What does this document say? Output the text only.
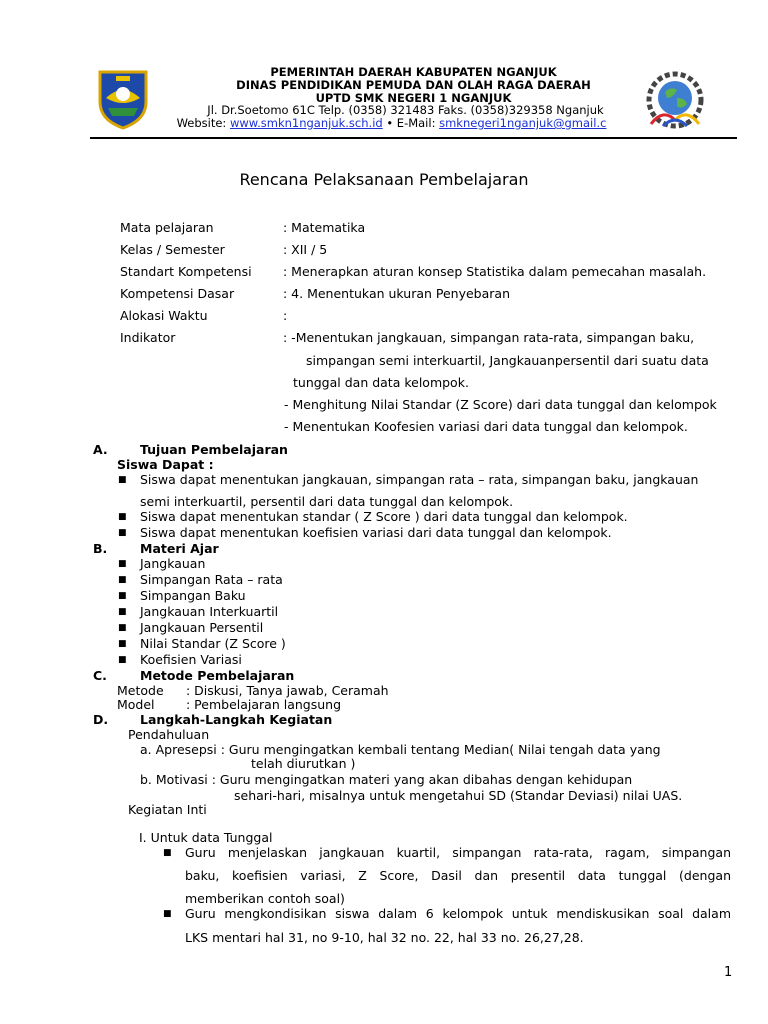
PEMERINTAH DAERAH KABUPATEN NGANJUK
DINAS PENDIDIKAN PEMUDA DAN OLAH RAGA DAERAH
UPTD SMK NEGERI 1 NGANJUK
Jl. Dr.Soetomo 61C Telp. (0358) 321483 Faks. (0358)329358 Nganjuk
Website: www.smkn1nganjuk.sch.id • E-Mail: smknegeri1nganjuk@gmail.c
Rencana Pelaksanaan Pembelajaran
Mata pelajaran	: Matematika
Kelas / Semester	: XII / 5
Standart Kompetensi	: Menerapkan aturan konsep Statistika dalam pemecahan masalah.
Kompetensi Dasar	: 4. Menentukan ukuran Penyebaran
Alokasi Waktu	:
Indikator	: -Menentukan jangkauan, simpangan rata-rata, simpangan baku,
simpangan semi interkuartil, Jangkauanpersentil dari suatu data
tunggal dan data kelompok.
- Menghitung Nilai Standar (Z Score) dari data tunggal dan kelompok
- Menentukan Koofesien variasi dari data tunggal dan kelompok.
A.	Tujuan Pembelajaran
Siswa Dapat :
■ Siswa dapat menentukan jangkauan, simpangan rata – rata, simpangan baku, jangkauan
semi interkuartil, persentil dari data tunggal dan kelompok.
■ Siswa dapat menentukan standar ( Z Score ) dari data tunggal dan kelompok.
■ Siswa dapat menentukan koefisien variasi dari data tunggal dan kelompok.
B.	Materi Ajar
■ Jangkauan
■ Simpangan Rata – rata
■ Simpangan Baku
■ Jangkauan Interkuartil
■ Jangkauan Persentil
■ Nilai Standar (Z Score )
■ Koefisien Variasi
C.	Metode Pembelajaran
Metode : Diskusi, Tanya jawab, Ceramah
Model	: Pembelajaran langsung
D.	Langkah-Langkah Kegiatan
Pendahuluan
a. Apresepsi : Guru mengingatkan kembali tentang Median( Nilai tengah data yang
telah diurutkan )
b. Motivasi : Guru mengingatkan materi yang akan dibahas dengan kehidupan
sehari-hari, misalnya untuk mengetahui SD (Standar Deviasi) nilai UAS.
Kegiatan Inti
I. Untuk data Tunggal
■ Guru menjelaskan jangkauan kuartil, simpangan rata-rata, ragam, simpangan
baku, koefisien variasi, Z Score, Dasil dan presentil data tunggal (dengan
memberikan contoh soal)
■ Guru mengkondisikan siswa dalam 6 kelompok untuk mendiskusikan soal dalam
LKS mentari hal 31, no 9-10, hal 32 no. 22, hal 33 no. 26,27,28.
1
